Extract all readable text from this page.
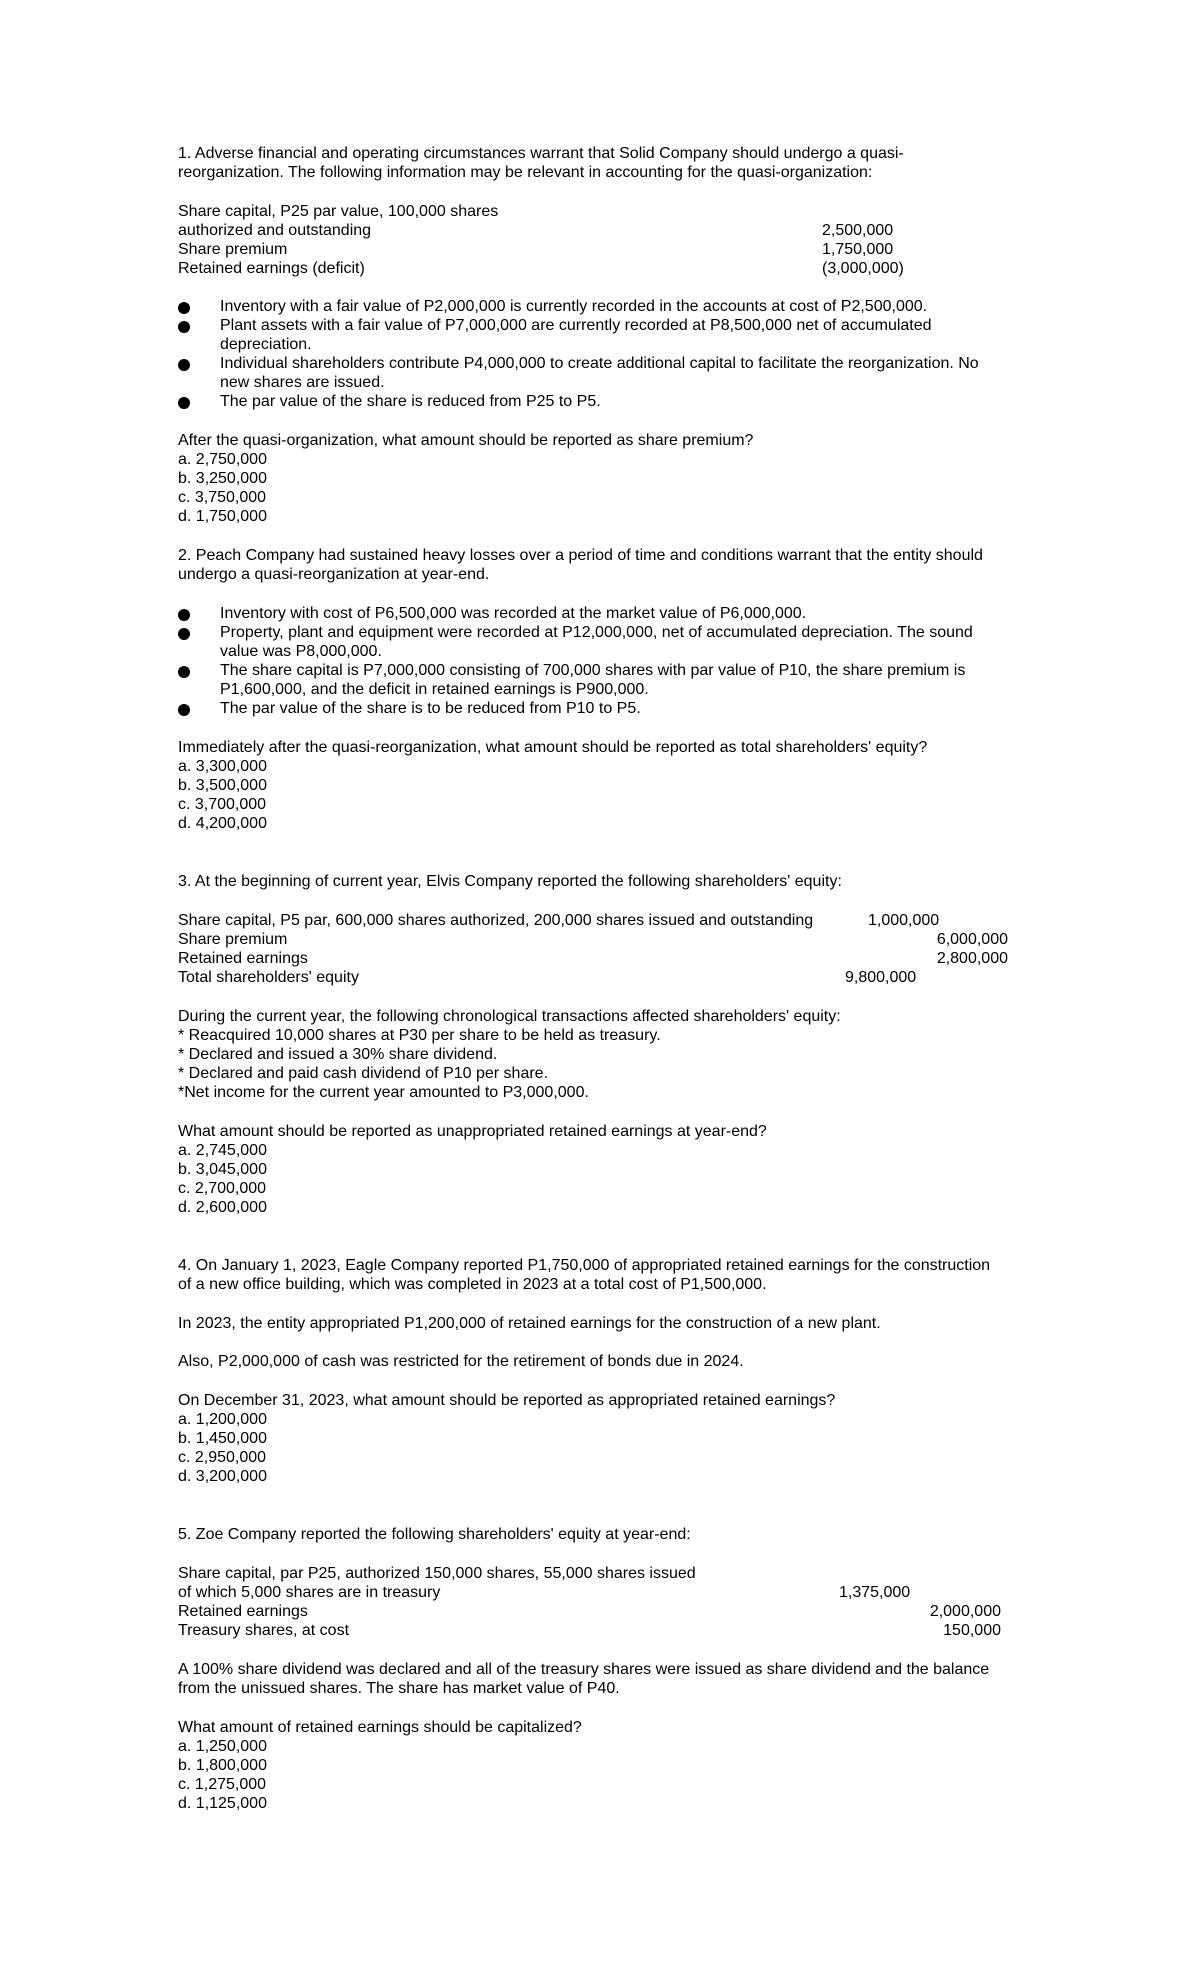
1. Adverse financial and operating circumstances warrant that Solid Company should undergo a quasi-
reorganization. The following information may be relevant in accounting for the quasi-organization:
Share capital, P25 par value, 100,000 shares
authorized and outstanding	2,500,000
Share premium	1,750,000
Retained earnings (deficit)	(3,000,000)
Inventory with a fair value of P2,000,000 is currently recorded in the accounts at cost of P2,500,000.
Plant assets with a fair value of P7,000,000 are currently recorded at P8,500,000 net of accumulated
depreciation.
Individual shareholders contribute P4,000,000 to create additional capital to facilitate the reorganization. No
new shares are issued.
The par value of the share is reduced from P25 to P5.
After the quasi-organization, what amount should be reported as share premium?
a. 2,750,000
b. 3,250,000
c. 3,750,000
d. 1,750,000
2. Peach Company had sustained heavy losses over a period of time and conditions warrant that the entity should
undergo a quasi-reorganization at year-end.
Inventory with cost of P6,500,000 was recorded at the market value of P6,000,000.
Property, plant and equipment were recorded at P12,000,000, net of accumulated depreciation. The sound
value was P8,000,000.
The share capital is P7,000,000 consisting of 700,000 shares with par value of P10, the share premium is
P1,600,000, and the deficit in retained earnings is P900,000.
The par value of the share is to be reduced from P10 to P5.
Immediately after the quasi-reorganization, what amount should be reported as total shareholders' equity?
a. 3,300,000
b. 3,500,000
c. 3,700,000
d. 4,200,000
3. At the beginning of current year, Elvis Company reported the following shareholders' equity:
Share capital, P5 par, 600,000 shares authorized, 200,000 shares issued and outstanding	1,000,000
Share premium	6,000,000
Retained earnings	2,800,000
Total shareholders' equity	9,800,000
During the current year, the following chronological transactions affected shareholders' equity:
* Reacquired 10,000 shares at P30 per share to be held as treasury.
* Declared and issued a 30% share dividend.
* Declared and paid cash dividend of P10 per share.
*Net income for the current year amounted to P3,000,000.
What amount should be reported as unappropriated retained earnings at year-end?
a. 2,745,000
b. 3,045,000
c. 2,700,000
d. 2,600,000
4. On January 1, 2023, Eagle Company reported P1,750,000 of appropriated retained earnings for the construction
of a new office building, which was completed in 2023 at a total cost of P1,500,000.
In 2023, the entity appropriated P1,200,000 of retained earnings for the construction of a new plant.
Also, P2,000,000 of cash was restricted for the retirement of bonds due in 2024.
On December 31, 2023, what amount should be reported as appropriated retained earnings?
a. 1,200,000
b. 1,450,000
c. 2,950,000
d. 3,200,000
5. Zoe Company reported the following shareholders' equity at year-end:
Share capital, par P25, authorized 150,000 shares, 55,000 shares issued
of which 5,000 shares are in treasury	1,375,000
Retained earnings	2,000,000
Treasury shares, at cost	150,000
A 100% share dividend was declared and all of the treasury shares were issued as share dividend and the balance
from the unissued shares. The share has market value of P40.
What amount of retained earnings should be capitalized?
a. 1,250,000
b. 1,800,000
c. 1,275,000
d. 1,125,000
